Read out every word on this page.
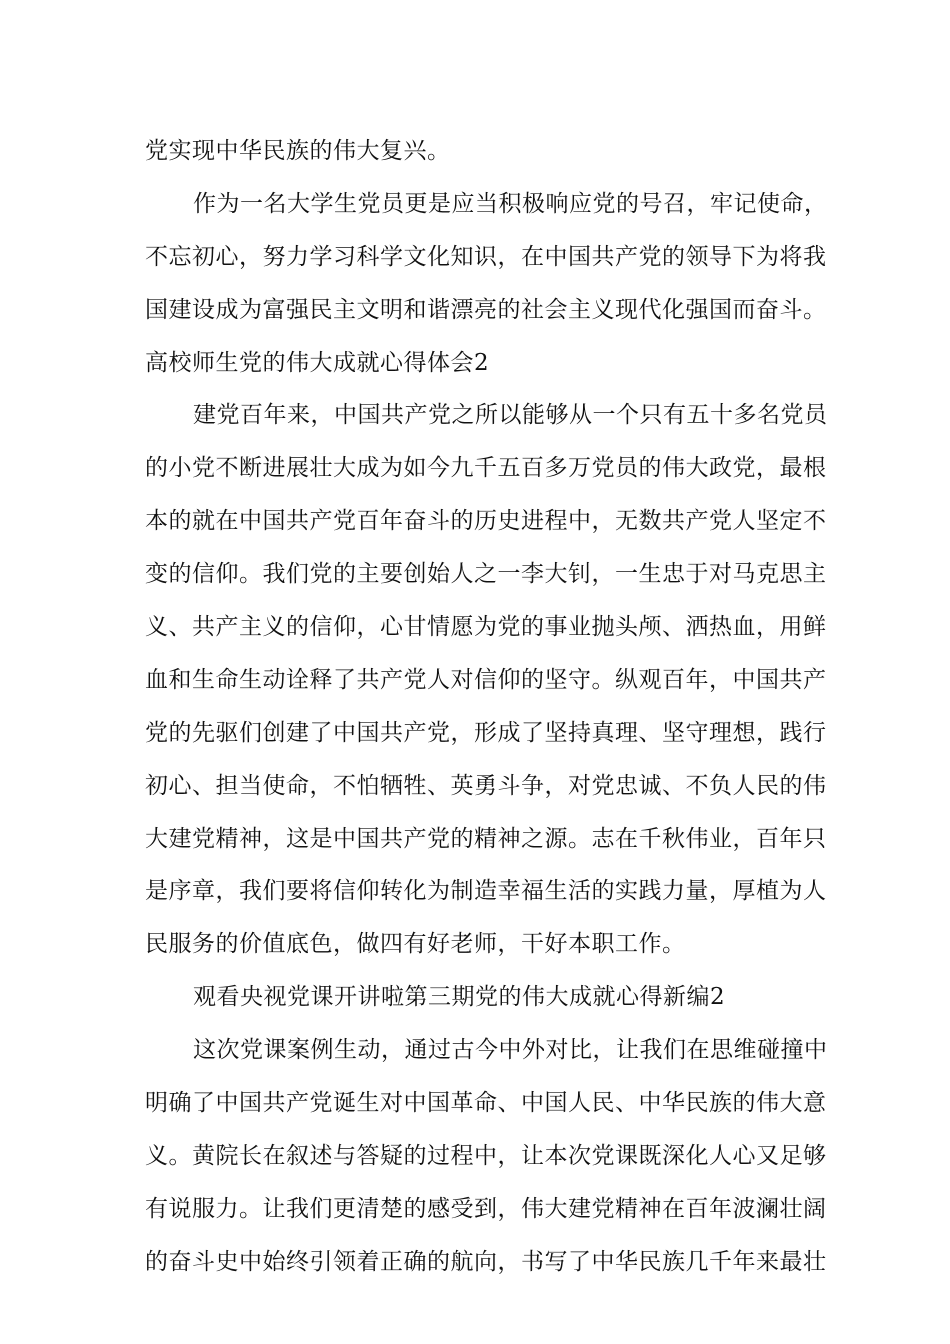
党实现中华民族的伟大复兴。
作为一名大学生党员更是应当积极响应党的号召，牢记使命，
不忘初心，努力学习科学文化知识，在中国共产党的领导下为将我
国建设成为富强民主文明和谐漂亮的社会主义现代化强国而奋斗。
高校师生党的伟大成就心得体会2
建党百年来，中国共产党之所以能够从一个只有五十多名党员
的小党不断进展壮大成为如今九千五百多万党员的伟大政党，最根
本的就在中国共产党百年奋斗的历史进程中，无数共产党人坚定不
变的信仰。我们党的主要创始人之一李大钊，一生忠于对马克思主
义、共产主义的信仰，心甘情愿为党的事业抛头颅、洒热血，用鲜
血和生命生动诠释了共产党人对信仰的坚守。纵观百年，中国共产
党的先驱们创建了中国共产党，形成了坚持真理、坚守理想，践行
初心、担当使命，不怕牺牲、英勇斗争，对党忠诚、不负人民的伟
大建党精神，这是中国共产党的精神之源。志在千秋伟业，百年只
是序章，我们要将信仰转化为制造幸福生活的实践力量，厚植为人
民服务的价值底色，做四有好老师，干好本职工作。
观看央视党课开讲啦第三期党的伟大成就心得新编2
这次党课案例生动，通过古今中外对比，让我们在思维碰撞中
明确了中国共产党诞生对中国革命、中国人民、中华民族的伟大意
义。黄院长在叙述与答疑的过程中，让本次党课既深化人心又足够
有说服力。让我们更清楚的感受到，伟大建党精神在百年波澜壮阔
的奋斗史中始终引领着正确的航向，书写了中华民族几千年来最壮
